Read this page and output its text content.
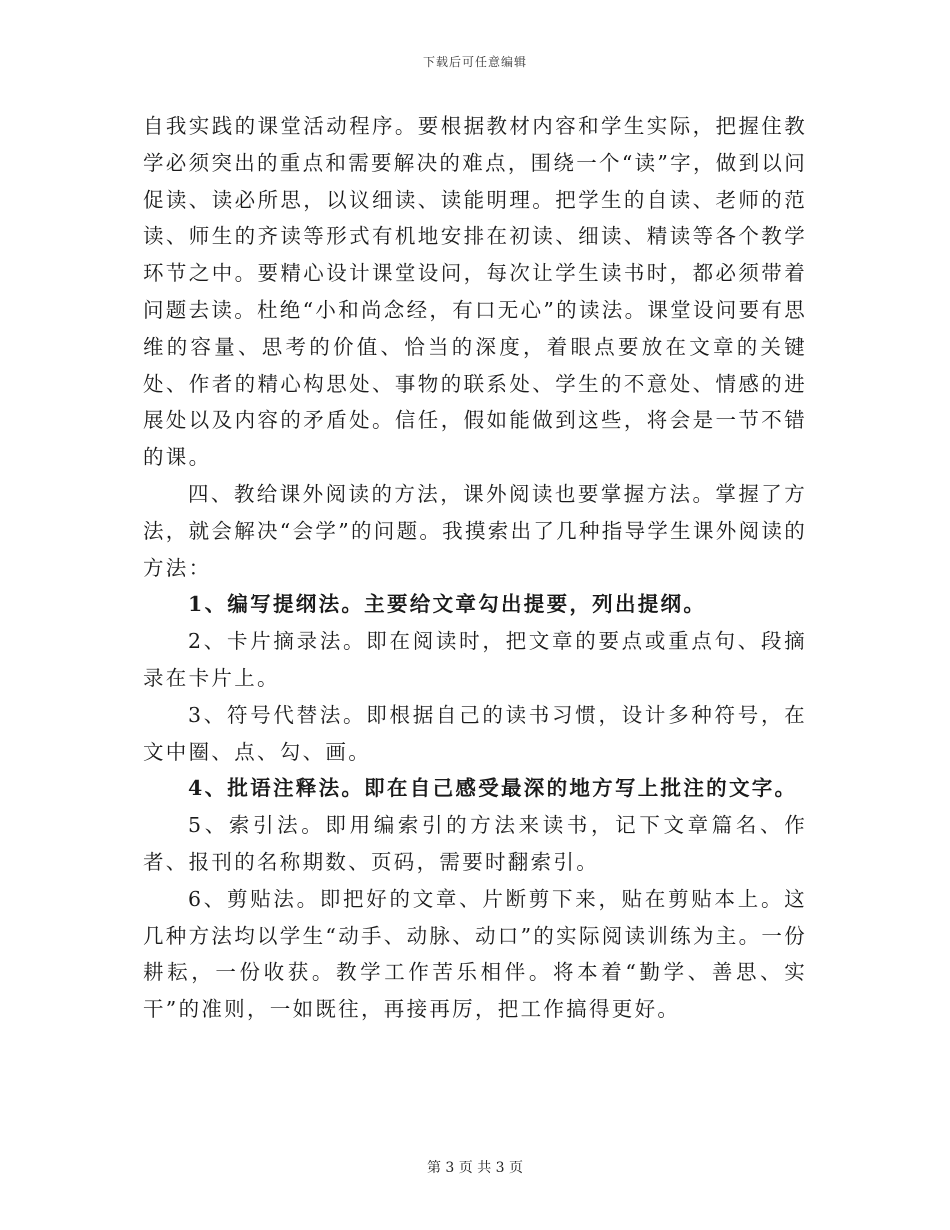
下载后可任意编辑

自我实践的课堂活动程序。要根据教材内容和学生实际，把握住教学必须突出的重点和需要解决的难点，围绕一个“读”字，做到以问促读、读必所思，以议细读、读能明理。把学生的自读、老师的范读、师生的齐读等形式有机地安排在初读、细读、精读等各个教学环节之中。要精心设计课堂设问，每次让学生读书时，都必须带着问题去读。杜绝“小和尚念经，有口无心”的读法。课堂设问要有思维的容量、思考的价值、恰当的深度，着眼点要放在文章的关键处、作者的精心构思处、事物的联系处、学生的不意处、情感的进展处以及内容的矛盾处。信任，假如能做到这些，将会是一节不错的课。

四、教给课外阅读的方法，课外阅读也要掌握方法。掌握了方法，就会解决“会学”的问题。我摸索出了几种指导学生课外阅读的方法：

1、编写提纲法。主要给文章勾出提要，列出提纲。

2、卡片摘录法。即在阅读时，把文章的要点或重点句、段摘录在卡片上。

3、符号代替法。即根据自己的读书习惯，设计多种符号，在文中圈、点、勾、画。

4、批语注释法。即在自己感受最深的地方写上批注的文字。

5、索引法。即用编索引的方法来读书，记下文章篇名、作者、报刊的名称期数、页码，需要时翻索引。

6、剪贴法。即把好的文章、片断剪下来，贴在剪贴本上。这几种方法均以学生“动手、动脉、动口”的实际阅读训练为主。一份耕耘，一份收获。教学工作苦乐相伴。将本着“勤学、善思、实干”的准则，一如既往，再接再厉，把工作搞得更好。

第 3 页 共 3 页
